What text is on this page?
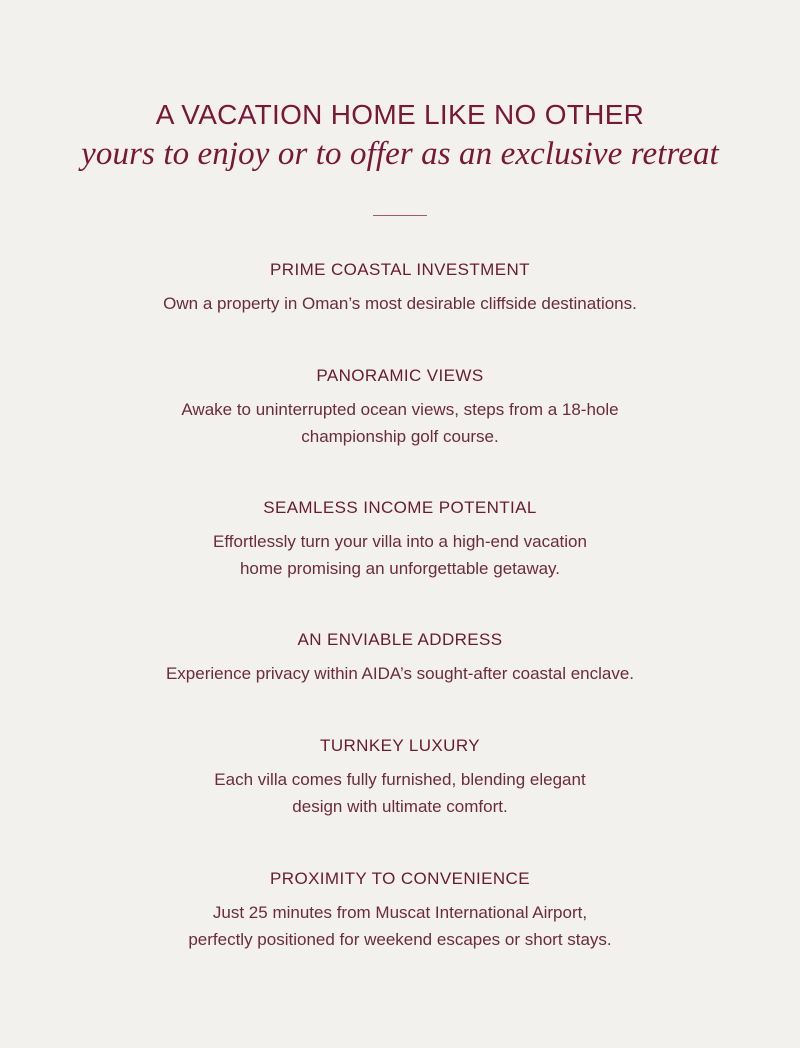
A VACATION HOME LIKE NO OTHER
yours to enjoy or to offer as an exclusive retreat
PRIME COASTAL INVESTMENT
Own a property in Oman’s most desirable cliffside destinations.
PANORAMIC VIEWS
Awake to uninterrupted ocean views, steps from a 18-hole
championship golf course.
SEAMLESS INCOME POTENTIAL
Effortlessly turn your villa into a high-end vacation
home promising an unforgettable getaway.
AN ENVIABLE ADDRESS
Experience privacy within AIDA’s sought-after coastal enclave.
TURNKEY LUXURY
Each villa comes fully furnished, blending elegant
design with ultimate comfort.
PROXIMITY TO CONVENIENCE
Just 25 minutes from Muscat International Airport,
perfectly positioned for weekend escapes or short stays.
